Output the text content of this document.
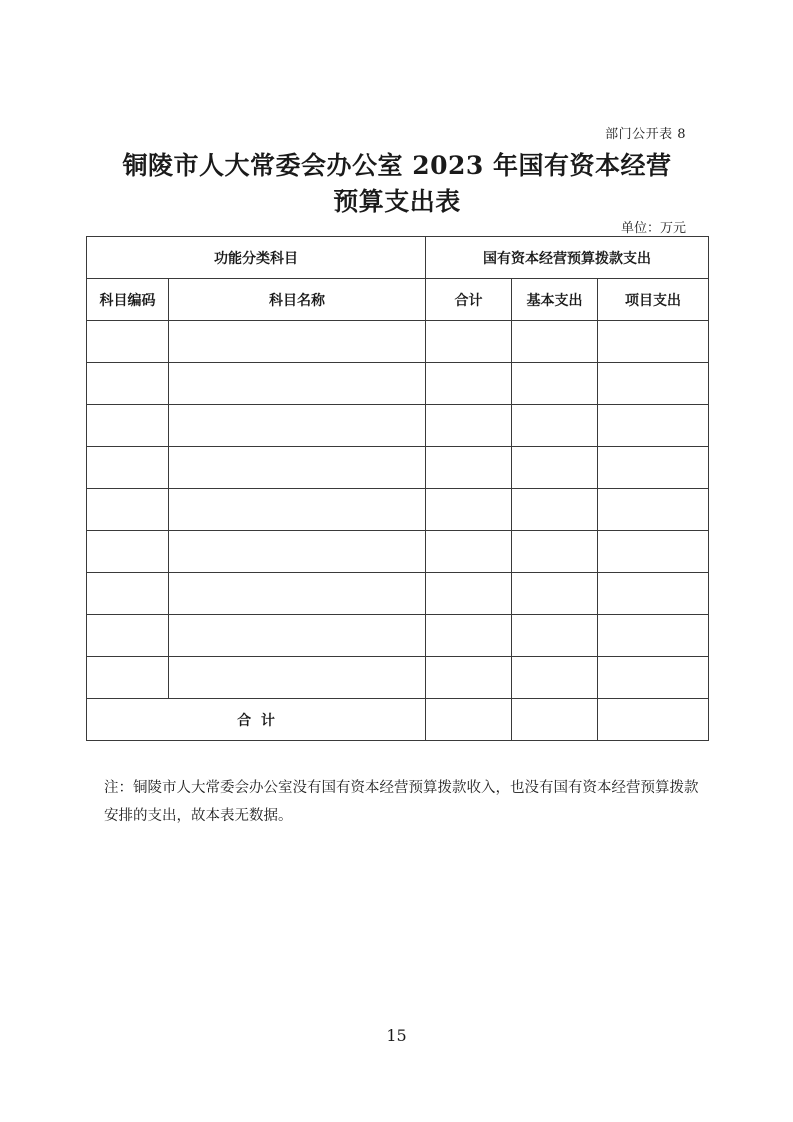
部门公开表 8
铜陵市人大常委会办公室 2023 年国有资本经营
预算支出表
单位：万元
功能分类科目		国有资本经营预算拨款支出		
科目编码	科目名称	合计	基本支出	项目支出

合  计				
注：铜陵市人大常委会办公室没有国有资本经营预算拨款收入，也没有国有资本经营预算拨款安排的支出，故本表无数据。
15
